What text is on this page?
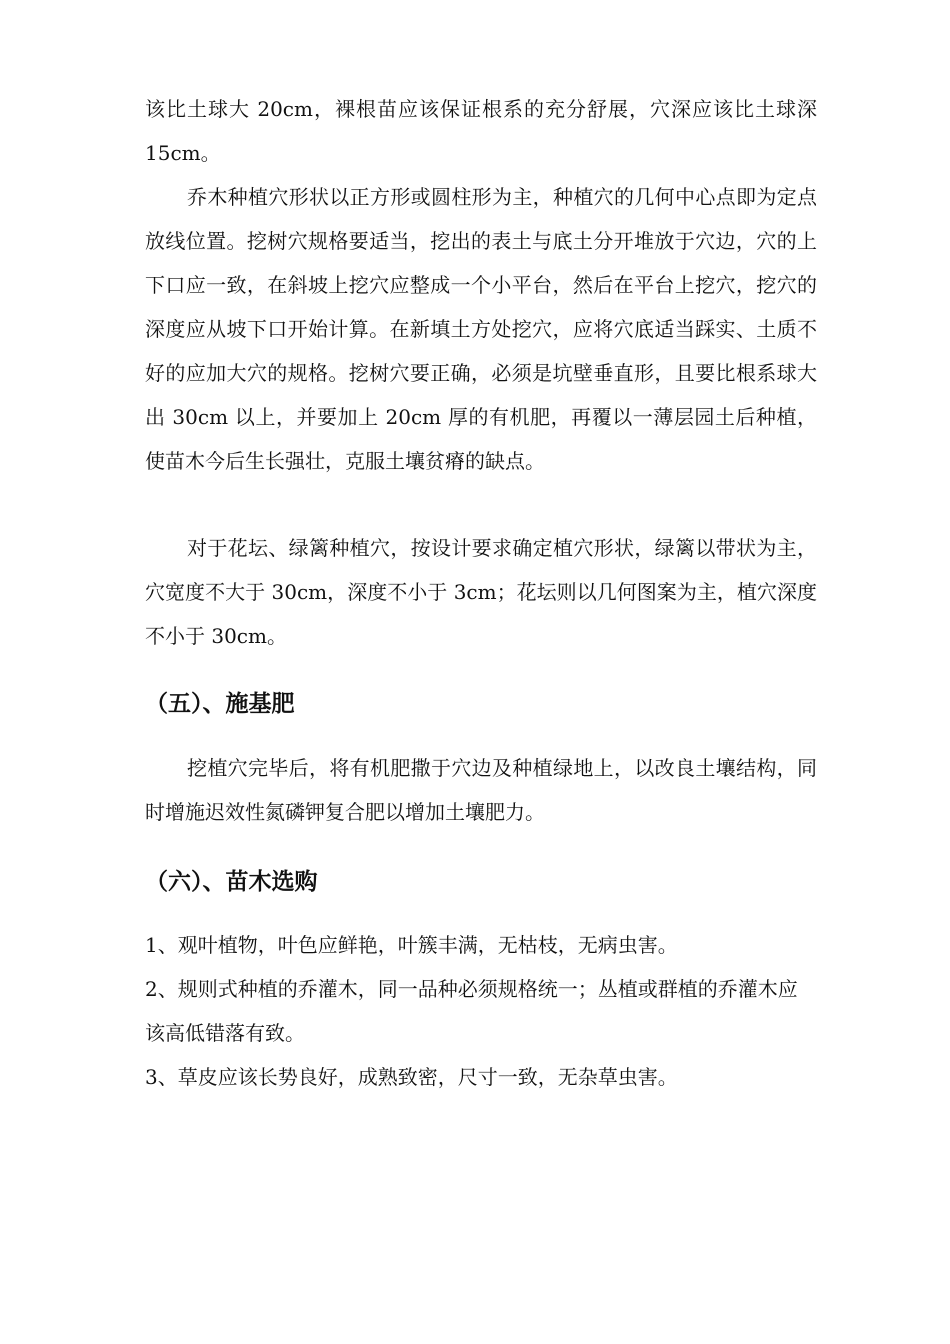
该比土球大 20cm，裸根苗应该保证根系的充分舒展，穴深应该比土球深 15cm。

乔木种植穴形状以正方形或圆柱形为主，种植穴的几何中心点即为定点放线位置。挖树穴规格要适当，挖出的表土与底土分开堆放于穴边，穴的上下口应一致，在斜坡上挖穴应整成一个小平台，然后在平台上挖穴，挖穴的深度应从坡下口开始计算。在新填土方处挖穴，应将穴底适当踩实、土质不好的应加大穴的规格。挖树穴要正确，必须是坑壁垂直形，且要比根系球大出 30cm 以上，并要加上 20cm 厚的有机肥，再覆以一薄层园土后种植，使苗木今后生长强壮，克服土壤贫瘠的缺点。

对于花坛、绿篱种植穴，按设计要求确定植穴形状，绿篱以带状为主，穴宽度不大于 30cm，深度不小于 3cm；花坛则以几何图案为主，植穴深度不小于 30cm。

（五）、施基肥

挖植穴完毕后，将有机肥撒于穴边及种植绿地上，以改良土壤结构，同时增施迟效性氮磷钾复合肥以增加土壤肥力。

（六）、苗木选购

1、观叶植物，叶色应鲜艳，叶簇丰满，无枯枝，无病虫害。

2、规则式种植的乔灌木，同一品种必须规格统一；丛植或群植的乔灌木应该高低错落有致。

3、草皮应该长势良好，成熟致密，尺寸一致，无杂草虫害。
